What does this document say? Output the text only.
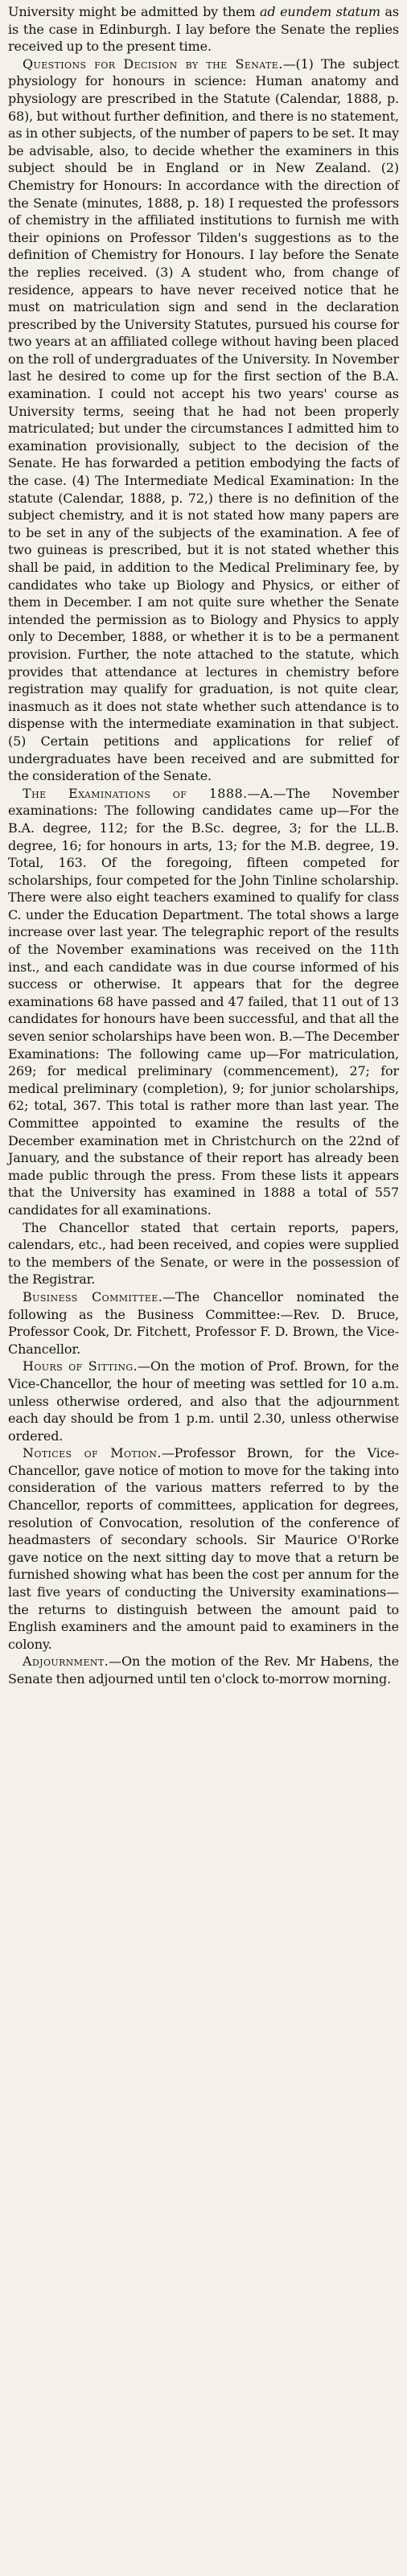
University might be admitted by them ad eundem statum as is the case in Edinburgh. I lay before the Senate the replies received up to the present time.

Questions for Decision by the Senate.—(1) The subject physiology for honours in science: Human anatomy and physiology are prescribed in the Statute (Calendar, 1888, p. 68), but without further definition, and there is no statement, as in other subjects, of the number of papers to be set. It may be advisable, also, to decide whether the examiners in this subject should be in England or in New Zealand. (2) Chemistry for Honours: In accordance with the direction of the Senate (minutes, 1888, p. 18) I requested the professors of chemistry in the affiliated institutions to furnish me with their opinions on Professor Tilden's suggestions as to the definition of Chemistry for Honours. I lay before the Senate the replies received. (3) A student who, from change of residence, appears to have never received notice that he must on matriculation sign and send in the declaration prescribed by the University Statutes, pursued his course for two years at an affiliated college without having been placed on the roll of undergraduates of the University. In November last he desired to come up for the first section of the B.A. examination. I could not accept his two years' course as University terms, seeing that he had not been properly matriculated; but under the circumstances I admitted him to examination provisionally, subject to the decision of the Senate. He has forwarded a petition embodying the facts of the case. (4) The Intermediate Medical Examination: In the statute (Calendar, 1888, p. 72,) there is no definition of the subject chemistry, and it is not stated how many papers are to be set in any of the subjects of the examination. A fee of two guineas is prescribed, but it is not stated whether this shall be paid, in addition to the Medical Preliminary fee, by candidates who take up Biology and Physics, or either of them in December. I am not quite sure whether the Senate intended the permission as to Biology and Physics to apply only to December, 1888, or whether it is to be a permanent provision. Further, the note attached to the statute, which provides that attendance at lectures in chemistry before registration may qualify for graduation, is not quite clear, inasmuch as it does not state whether such attendance is to dispense with the intermediate examination in that subject. (5) Certain petitions and applications for relief of undergraduates have been received and are submitted for the consideration of the Senate.

The Examinations of 1888.—A.—The November examinations: The following candidates came up—For the B.A. degree, 112; for the B.Sc. degree, 3; for the LL.B. degree, 16; for honours in arts, 13; for the M.B. degree, 19. Total, 163. Of the foregoing, fifteen competed for scholarships, four competed for the John Tinline scholarship. There were also eight teachers examined to qualify for class C. under the Education Department. The total shows a large increase over last year. The telegraphic report of the results of the November examinations was received on the 11th inst., and each candidate was in due course informed of his success or otherwise. It appears that for the degree examinations 68 have passed and 47 failed, that 11 out of 13 candidates for honours have been successful, and that all the seven senior scholarships have been won. B.—The December Examinations: The following came up—For matriculation, 269; for medical preliminary (commencement), 27; for medical preliminary (completion), 9; for junior scholarships, 62; total, 367. This total is rather more than last year. The Committee appointed to examine the results of the December examination met in Christchurch on the 22nd of January, and the substance of their report has already been made public through the press. From these lists it appears that the University has examined in 1888 a total of 557 candidates for all examinations.

The Chancellor stated that certain reports, papers, calendars, etc., had been received, and copies were supplied to the members of the Senate, or were in the possession of the Registrar.

Business Committee.—The Chancellor nominated the following as the Business Committee:—Rev. D. Bruce, Professor Cook, Dr. Fitchett, Professor F. D. Brown, the Vice-Chancellor.

Hours of Sitting.—On the motion of Prof. Brown, for the Vice-Chancellor, the hour of meeting was settled for 10 a.m. unless otherwise ordered, and also that the adjournment each day should be from 1 p.m. until 2.30, unless otherwise ordered.

Notices of Motion.—Professor Brown, for the Vice-Chancellor, gave notice of motion to move for the taking into consideration of the various matters referred to by the Chancellor, reports of committees, application for degrees, resolution of Convocation, resolution of the conference of headmasters of secondary schools. Sir Maurice O'Rorke gave notice on the next sitting day to move that a return be furnished showing what has been the cost per annum for the last five years of conducting the University examinations—the returns to distinguish between the amount paid to English examiners and the amount paid to examiners in the colony.

Adjournment.—On the motion of the Rev. Mr Habens, the Senate then adjourned until ten o'clock to-morrow morning.
